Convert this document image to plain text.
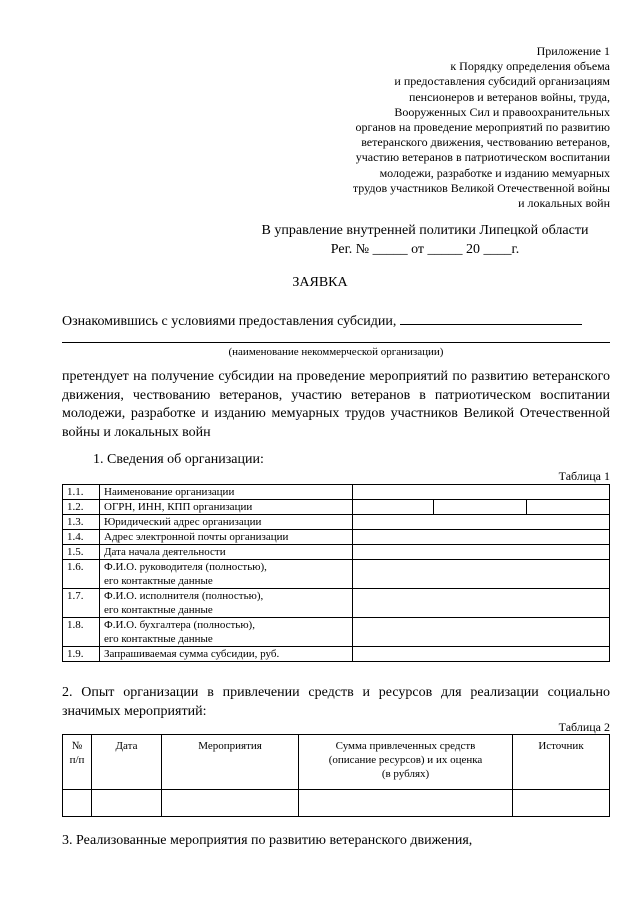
Приложение 1
к Порядку определения объема
и предоставления субсидий организациям
пенсионеров и ветеранов войны, труда,
Вооруженных Сил и правоохранительных
органов на проведение мероприятий по развитию
ветеранского движения, чествованию ветеранов,
участию ветеранов в патриотическом воспитании
молодежи, разработке и изданию мемуарных
трудов участников Великой Отечественной войны
и локальных войн
В управление внутренней политики Липецкой области
Рег. № _____ от _____ 20 ____г.
ЗАЯВКА
Ознакомившись с условиями предоставления субсидии,
(наименование некоммерческой организации)
претендует на получение субсидии на проведение мероприятий по развитию ветеранского движения, чествованию ветеранов, участию ветеранов в патриотическом воспитании молодежи, разработке и изданию мемуарных трудов участников Великой Отечественной войны и локальных войн
1. Сведения об организации:
Таблица 1
1.1.	Наименование организации			
1.2.	ОГРН, ИНН, КПП организации			
1.3.	Юридический адрес организации			
1.4.	Адрес электронной почты организации			
1.5.	Дата начала деятельности			
1.6.	Ф.И.О. руководителя (полностью),
его контактные данные			

1.7.	Ф.И.О. исполнителя (полностью),
его контактные данные			

1.8.	Ф.И.О. бухгалтера (полностью),
его контактные данные			

1.9.	Запрашиваемая сумма субсидии, руб.			
2. Опыт организации в привлечении средств и ресурсов для реализации социально значимых мероприятий:
Таблица 2
№
п/п	Дата	Мероприятия	Сумма привлеченных средств
(описание ресурсов) и их оценка
(в рублях)	Источник

3. Реализованные мероприятия по развитию ветеранского движения,
